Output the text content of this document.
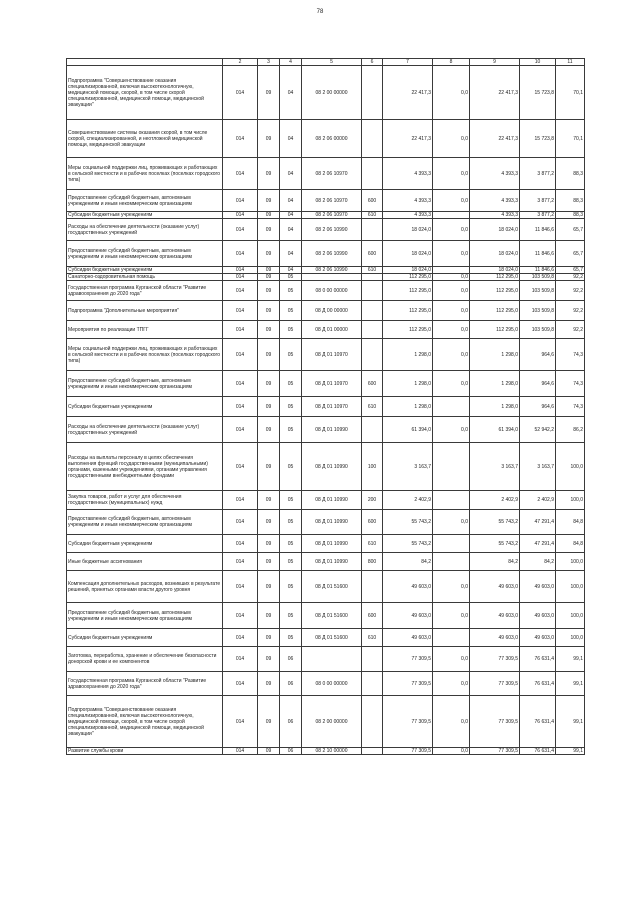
78
	2	3	4	5	6	7	8	9	10	11
Подпрограмма "Совершенствование оказания специализированной, включая высокотехнологичную, медицинской помощи, скорой, в том числе скорой специализированной, медицинской помощи, медицинской эвакуации"	014	09	04	08 2 00 00000		22 417,3	0,0	22 417,3	15 723,8	70,1
Совершенствование системы оказания скорой, в том числе скорой, специализированной, и неотложной медицинской помощи, медицинской эвакуации	014	09	04	08 2 06 00000		22 417,3	0,0	22 417,3	15 723,8	70,1
Меры социальной поддержки лиц, проживающих и работающих в сельской местности и в рабочих поселках (поселках городского типа)	014	09	04	08 2 06 10970		4 393,3	0,0	4 393,3	3 877,2	88,3
Предоставление субсидий бюджетным, автономным учреждениям и иным некоммерческим организациям	014	09	04	08 2 06 10970	600	4 393,3	0,0	4 393,3	3 877,2	88,3
Субсидии бюджетным учреждениям	014	09	04	08 2 06 10970	610	4 393,3		4 393,3	3 877,2	88,3
Расходы на обеспечение деятельности (оказание услуг) государственных учреждений	014	09	04	08 2 06 10990		18 024,0	0,0	18 024,0	11 846,6	65,7
Предоставление субсидий бюджетным, автономным учреждениям и иным некоммерческим организациям	014	09	04	08 2 06 10990	600	18 024,0	0,0	18 024,0	11 846,6	65,7
Субсидии бюджетным учреждениям	014	09	04	08 2 06 10990	610	18 024,0		18 024,0	11 846,6	65,7
Санаторно-оздоровительная помощь	014	09	05			112 295,0	0,0	112 295,0	103 509,8	92,2
Государственная программа Курганской области "Развитие здравоохранения до 2020 года"	014	09	05	08 0 00 00000		112 295,0	0,0	112 295,0	103 509,8	92,2
Подпрограмма "Дополнительные мероприятия"	014	09	05	08 Д 00 00000		112 295,0	0,0	112 295,0	103 509,8	92,2
Мероприятия по реализации ТПГГ	014	09	05	08 Д 01 00000		112 295,0	0,0	112 295,0	103 509,8	92,2
Меры социальной поддержки лиц, проживающих и работающих в сельской местности и в рабочих поселках (поселках городского типа)	014	09	05	08 Д 01 10970		1 298,0	0,0	1 298,0	964,6	74,3
Предоставление субсидий бюджетным, автономным учреждениям и иным некоммерческим организациям	014	09	05	08 Д 01 10970	600	1 298,0	0,0	1 298,0	964,6	74,3
Субсидии бюджетным учреждениям	014	09	05	08 Д 01 10970	610	1 298,0		1 298,0	964,6	74,3
Расходы на обеспечение деятельности (оказание услуг) государственных учреждений	014	09	05	08 Д 01 10990		61 394,0	0,0	61 394,0	52 942,2	86,2
Расходы на выплаты персоналу в целях обеспечения выполнения функций государственными (муниципальными) органами, казенными учреждениями, органами управления государственными внебюджетными фондами	014	09	05	08 Д 01 10990	100	3 163,7		3 163,7	3 163,7	100,0
Закупка товаров, работ и услуг для обеспечения государственных (муниципальных) нужд	014	09	05	08 Д 01 10990	200	2 402,9		2 402,9	2 402,9	100,0
Предоставление субсидий бюджетным, автономным учреждениям и иным некоммерческим организациям	014	09	05	08 Д 01 10990	600	55 743,2	0,0	55 743,2	47 291,4	84,8
Субсидии бюджетным учреждениям	014	09	05	08 Д 01 10990	610	55 743,2		55 743,2	47 291,4	84,8
Иные бюджетные ассигнования	014	09	05	08 Д 01 10990	800	84,2		84,2	84,2	100,0
Компенсация дополнительных расходов, возникших в результате решений, принятых органами власти другого уровня	014	09	05	08 Д 01 51600		49 603,0	0,0	49 603,0	49 603,0	100,0
Предоставление субсидий бюджетным, автономным учреждениям и иным некоммерческим организациям	014	09	05	08 Д 01 51600	600	49 603,0	0,0	49 603,0	49 603,0	100,0
Субсидии бюджетным учреждениям	014	09	05	08 Д 01 51600	610	49 603,0		49 603,0	49 603,0	100,0
Заготовка, переработка, хранение и обеспечение безопасности донорской крови и ее компонентов	014	09	06			77 309,5	0,0	77 309,5	76 631,4	99,1
Государственная программа Курганской области "Развитие здравоохранения до 2020 года"	014	09	06	08 0 00 00000		77 309,5	0,0	77 309,5	76 631,4	99,1
Подпрограмма "Совершенствование оказания специализированной, включая высокотехнологичную, медицинской помощи, скорой, в том числе скорой специализированной, медицинской помощи, медицинской эвакуации"	014	09	06	08 2 00 00000		77 309,5	0,0	77 309,5	76 631,4	99,1
Развитие службы крови	014	09	06	08 2 10 00000		77 309,5	0,0	77 309,5	76 631,4	99,1
